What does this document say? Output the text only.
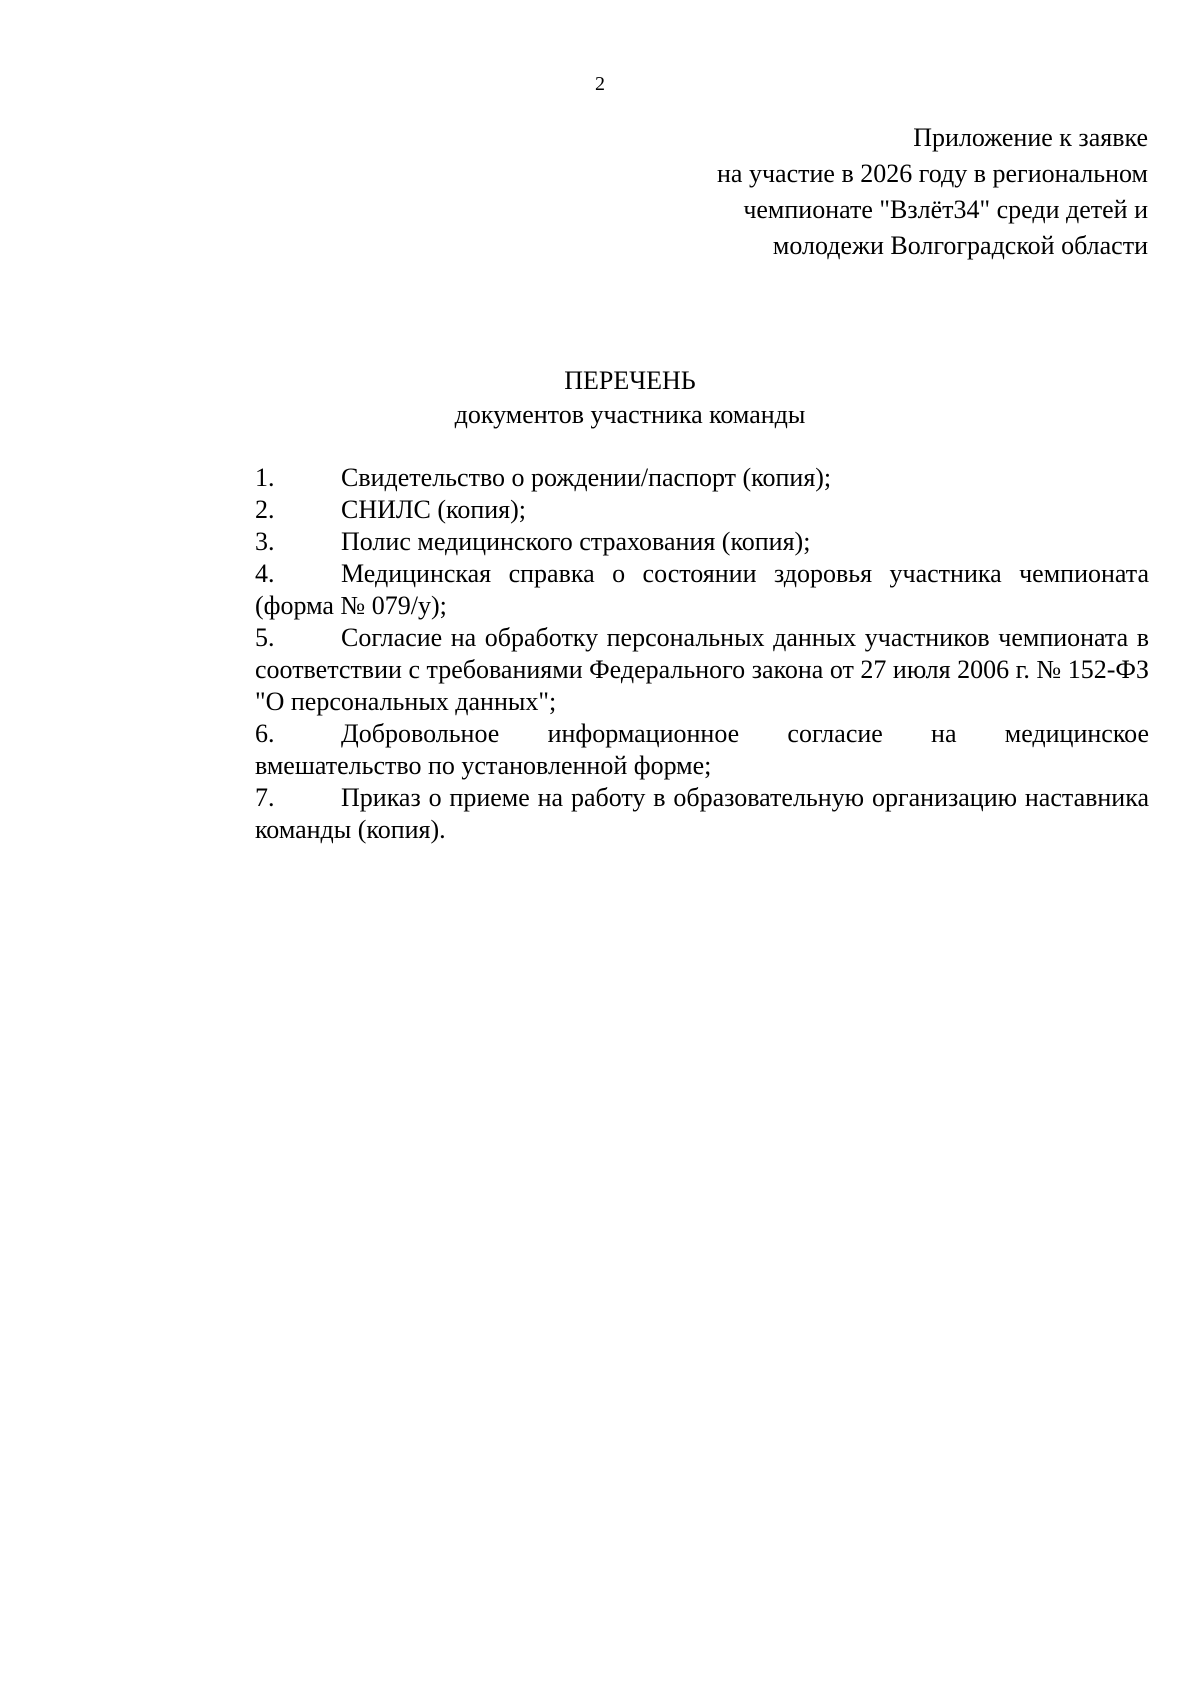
2
Приложение к заявке
на участие в 2026 году в региональном
чемпионате "Взлёт34" среди детей и
молодежи Волгоградской области
ПЕРЕЧЕНЬ
документов участника команды

1.	Свидетельство о рождении/паспорт (копия);

2.	СНИЛС (копия);

3.	Полис медицинского страхования (копия);

4.	Медицинская справка о состоянии здоровья участника чемпионата (форма № 079/у);

5.	Согласие на обработку персональных данных участников чемпионата в соответствии с требованиями Федерального закона от 27 июля 2006 г. № 152-ФЗ "О персональных данных";

6.	Добровольное информационное согласие на медицинское вмешательство по установленной форме;

7.	Приказ о приеме на работу в образовательную организацию наставника команды (копия).
